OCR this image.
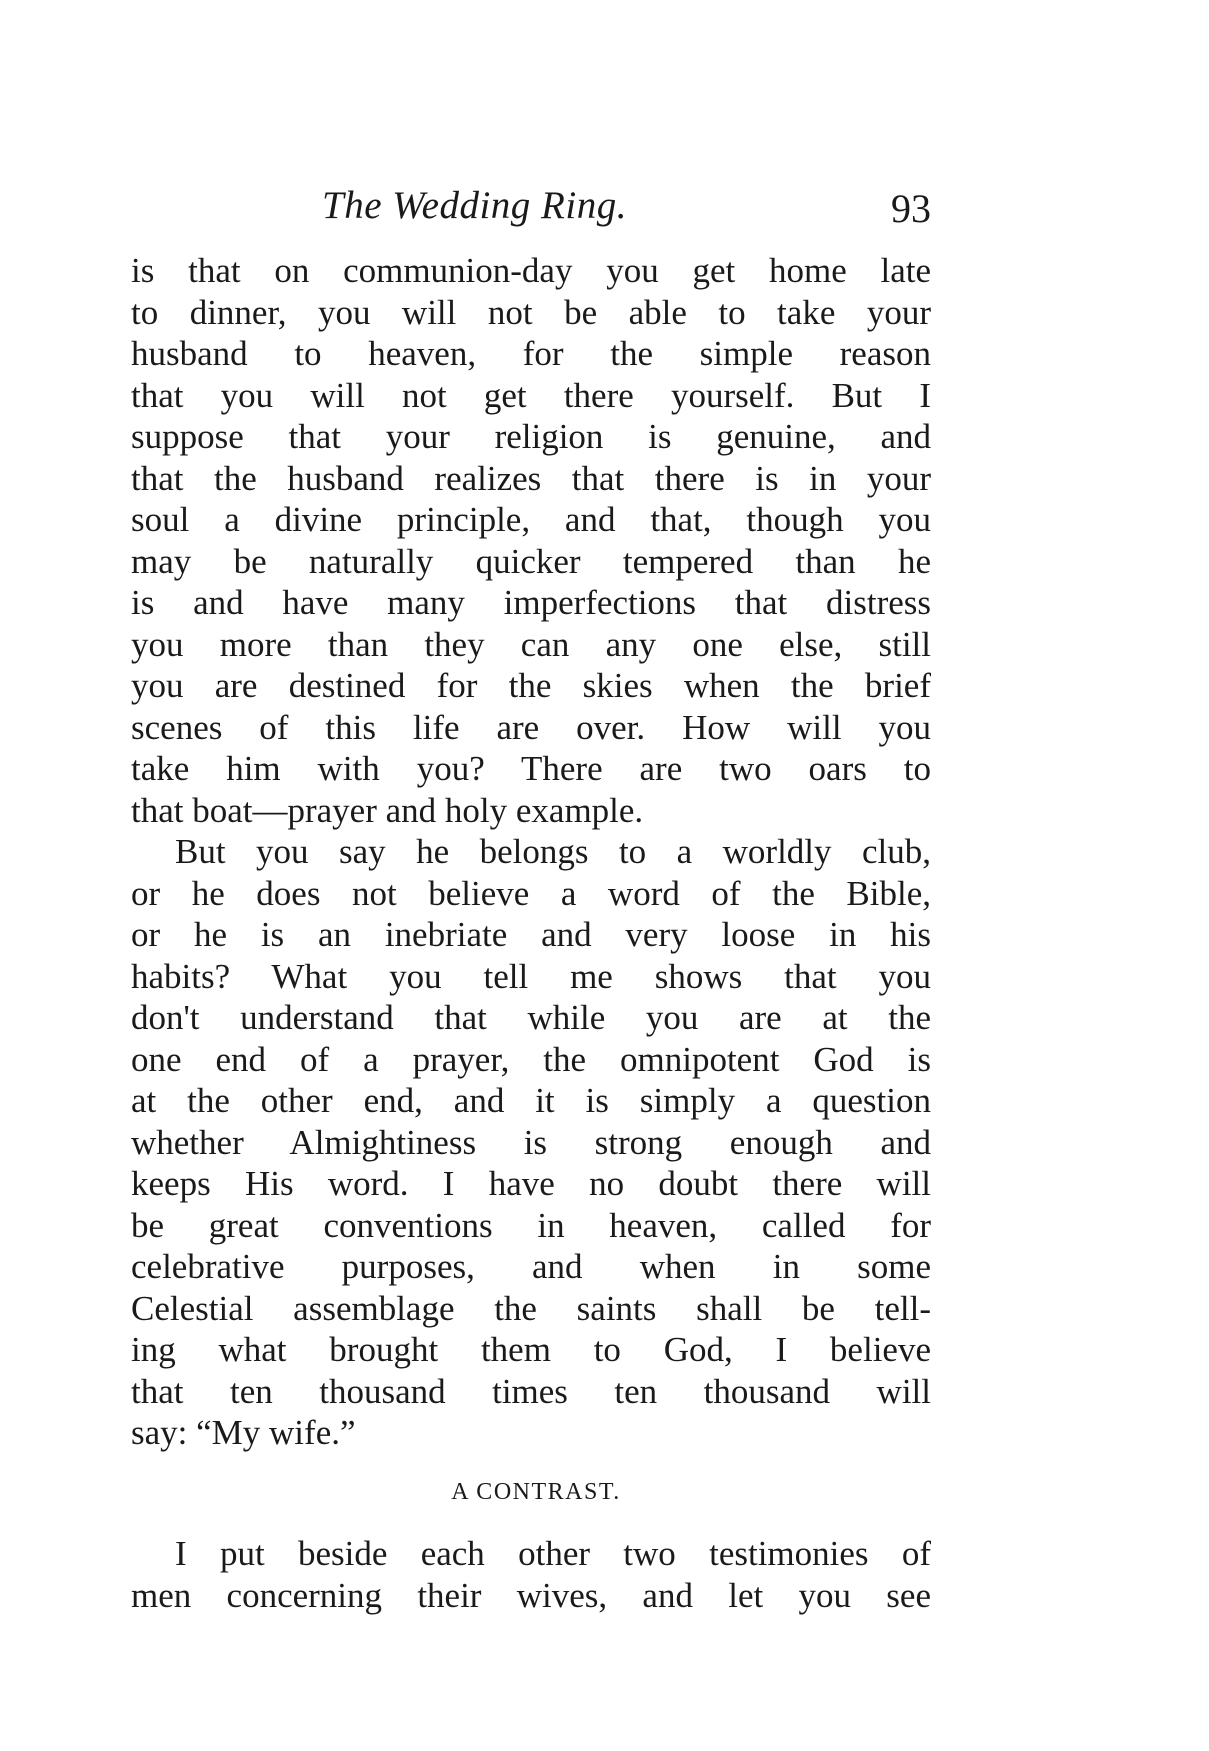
The Wedding Ring.	93
is that on communion-day you get home late
to dinner, you will not be able to take your
husband to heaven, for the simple reason
that you will not get there yourself. But I
suppose that your religion is genuine, and
that the husband realizes that there is in your
soul a divine principle, and that, though you
may be naturally quicker tempered than he
is and have many imperfections that distress
you more than they can any one else, still
you are destined for the skies when the brief
scenes of this life are over. How will you
take him with you? There are two oars to
that boat—prayer and holy example.
But you say he belongs to a worldly club,
or he does not believe a word of the Bible,
or he is an inebriate and very loose in his
habits? What you tell me shows that you
don't understand that while you are at the
one end of a prayer, the omnipotent God is
at the other end, and it is simply a question
whether Almightiness is strong enough and
keeps His word. I have no doubt there will
be great conventions in heaven, called for
celebrative purposes, and when in some
Celestial assemblage the saints shall be tell-
ing what brought them to God, I believe
that ten thousand times ten thousand will
say: “My wife.”
A CONTRAST.
I put beside each other two testimonies of
men concerning their wives, and let you see
